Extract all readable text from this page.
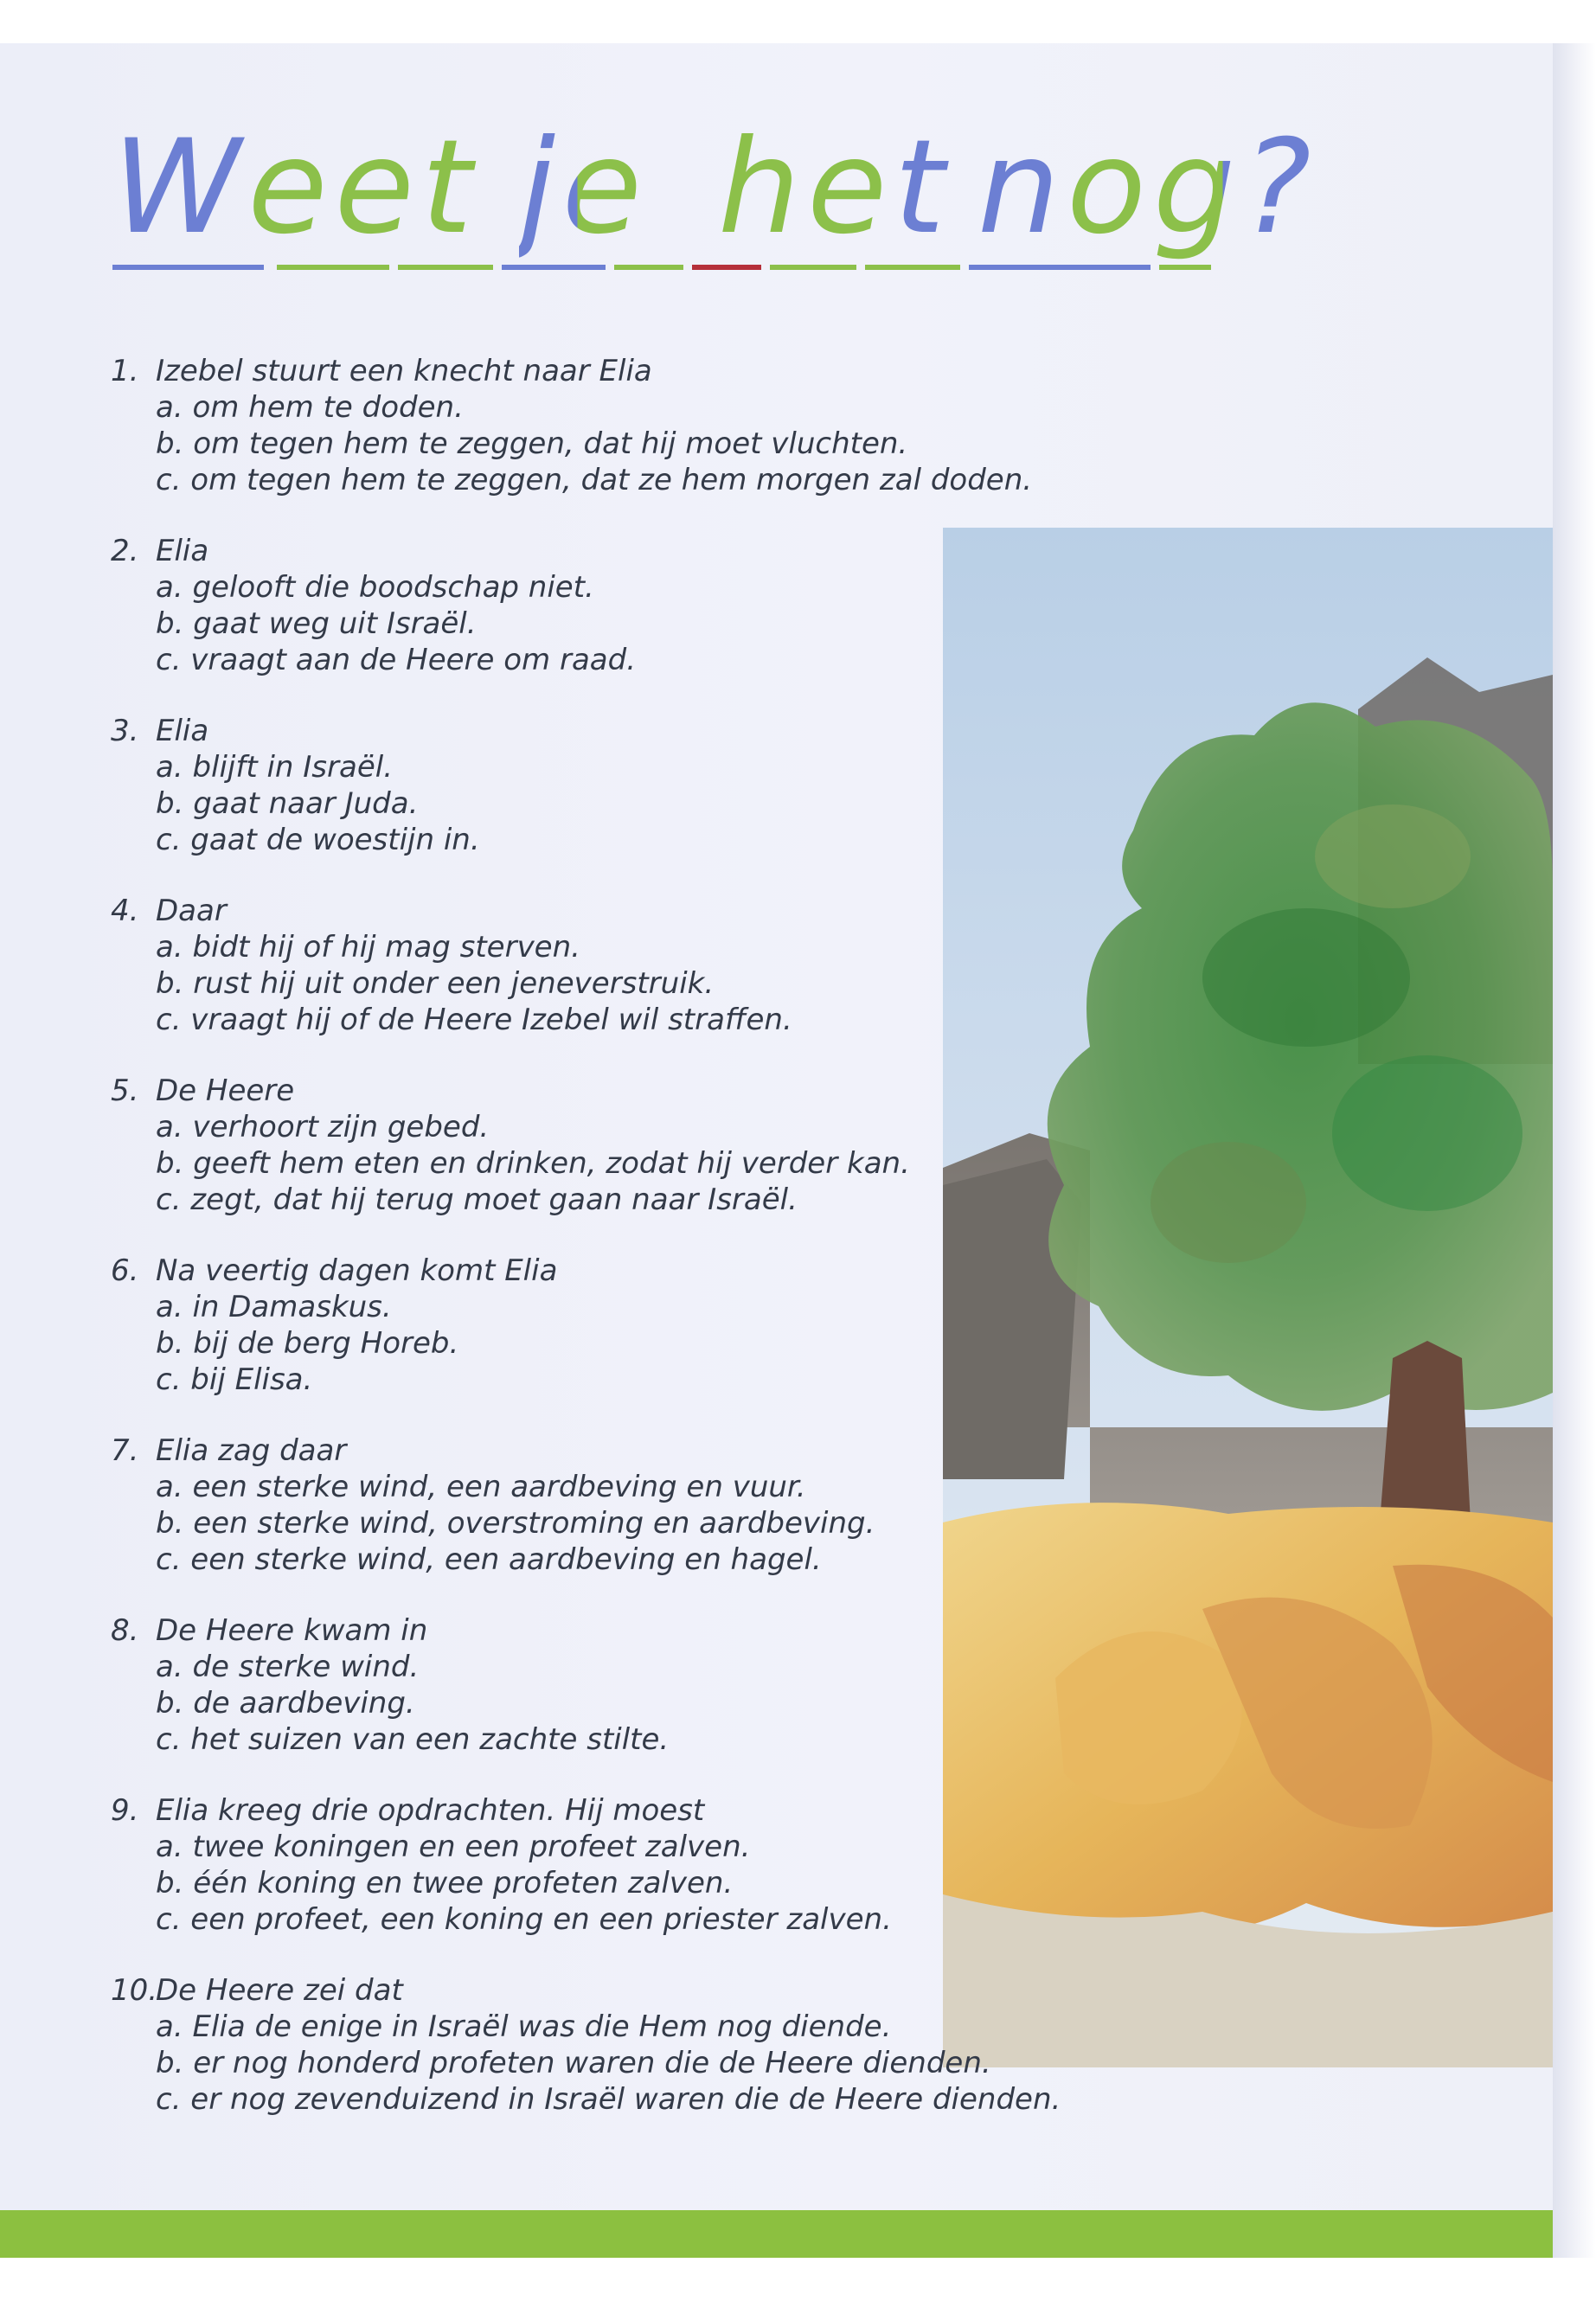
Weet je het nog?
1. Izebel stuurt een knecht naar Elia
a. om hem te doden.
b. om tegen hem te zeggen, dat hij moet vluchten.
c. om tegen hem te zeggen, dat ze hem morgen zal doden.
2. Elia
a. gelooft die boodschap niet.
b. gaat weg uit Israël.
c. vraagt aan de Heere om raad.
3. Elia
a. blijft in Israël.
b. gaat naar Juda.
c. gaat de woestijn in.
4. Daar
a. bidt hij of hij mag sterven.
b. rust hij uit onder een jeneverstruik.
c. vraagt hij of de Heere Izebel wil straffen.
5. De Heere
a. verhoort zijn gebed.
b. geeft hem eten en drinken, zodat hij verder kan.
c. zegt, dat hij terug moet gaan naar Israël.
6. Na veertig dagen komt Elia
a. in Damaskus.
b. bij de berg Horeb.
c. bij Elisa.
7. Elia zag daar
a. een sterke wind, een aardbeving en vuur.
b. een sterke wind, overstroming en aardbeving.
c. een sterke wind, een aardbeving en hagel.
8. De Heere kwam in
a. de sterke wind.
b. de aardbeving.
c. het suizen van een zachte stilte.
9. Elia kreeg drie opdrachten. Hij moest
a. twee koningen en een profeet zalven.
b. één koning en twee profeten zalven.
c. een profeet, een koning en een priester zalven.
10.De Heere zei dat
a. Elia de enige in Israël was die Hem nog diende.
b. er nog honderd profeten waren die de Heere dienden.
c. er nog zevenduizend in Israël waren die de Heere dienden.
